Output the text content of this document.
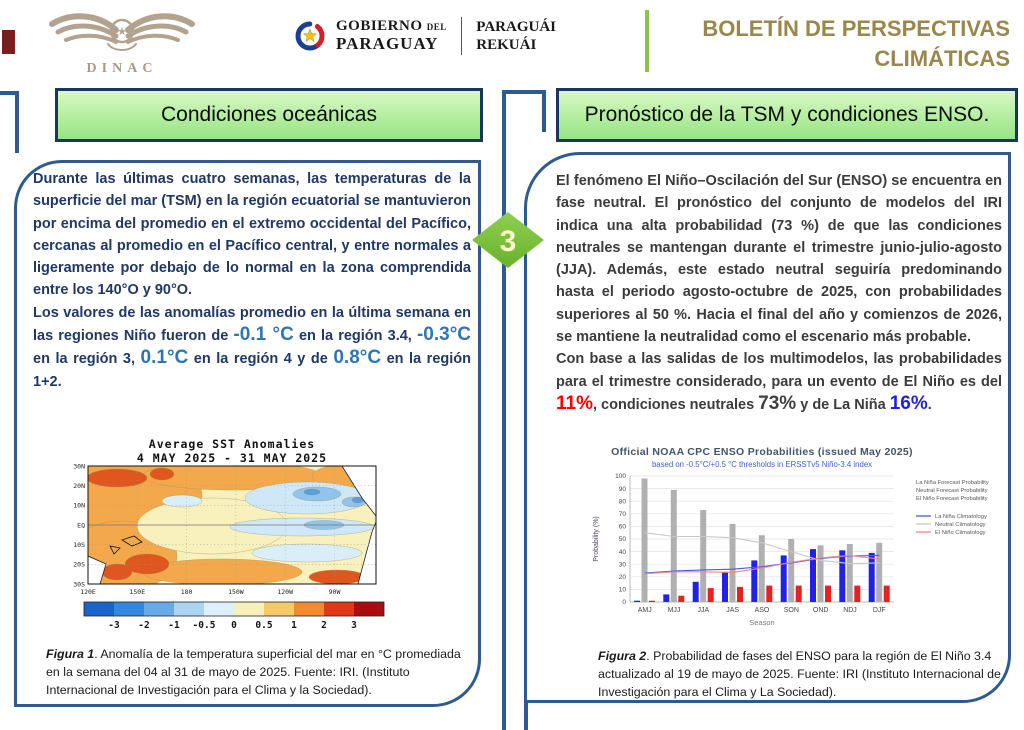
★
DINAC
GOBIERNO DEL
PARAGUAY
PARAGUÁI
REKUÁI
BOLETÍN DE PERSPECTIVAS
CLIMÁTICAS
Condiciones oceánicas	Pronóstico de la TSM y condiciones ENSO.
Durante las últimas cuatro semanas, las temperaturas de la superficie del mar (TSM) en la región ecuatorial se mantuvieron por encima del promedio en el extremo occidental del Pacífico, cercanas al promedio en el Pacífico central, y entre normales a ligeramente por debajo de lo normal en la zona comprendida entre los 140°O y 90°O.
Los valores de las anomalías promedio en la última semana en las regiones Niño fueron de -0.1 °C en la región 3.4, -0.3°C en la región 3, 0.1°C en la región 4 y de 0.8°C en la región 1+2.
El fenómeno El Niño–Oscilación del Sur (ENSO) se encuentra en fase neutral. El pronóstico del conjunto de modelos del IRI indica una alta probabilidad (73 %) de que las condiciones neutrales se mantengan durante el trimestre junio-julio-agosto (JJA). Además, este estado neutral seguiría predominando hasta el periodo agosto-octubre de 2025, con probabilidades superiores al 50 %. Hacia el final del año y comienzos de 2026, se mantiene la neutralidad como el escenario más probable.
Con base a las salidas de los multimodelos, las probabilidades para el trimestre considerado, para un evento de El Niño es del 11%, condiciones neutrales 73% y de La Niña 16%.
Average SST Anomalies
4 MAY 2025 - 31 MAY 2025
30N
20N
10N
EQ
10S
20S
30S
120E	150E	180	150W	120W	90W
-3 -2 -1 -0.5 0 0.5 1	2	3
Official NOAA CPC ENSO Probabilities (issued May 2025)
based on -0.5°C/+0.5 °C thresholds in ERSSTv5 Niño-3.4 index
0
10
20
30
40
50
60
70
80
90
100
Probability (%)
AMJ MJJ JJA JAS ASO SON OND NDJ DJF
Season
La Niña Forecast Probability
Neutral Forecast Probability
El Niño Forecast Probability
La Niña Climatology
Neutral Climatology
El Niño Climatology
Figura 1. Anomalía de la temperatura superficial del mar en °C promediada en la semana del 04 al 31 de mayo de 2025. Fuente: IRI. (Instituto Internacional de Investigación para el Clima y la Sociedad).
Figura 2. Probabilidad de fases del ENSO para la región de El Niño 3.4 actualizado al 19 de mayo de 2025. Fuente: IRI (Instituto Internacional de Investigación para el Clima y La Sociedad).
3
